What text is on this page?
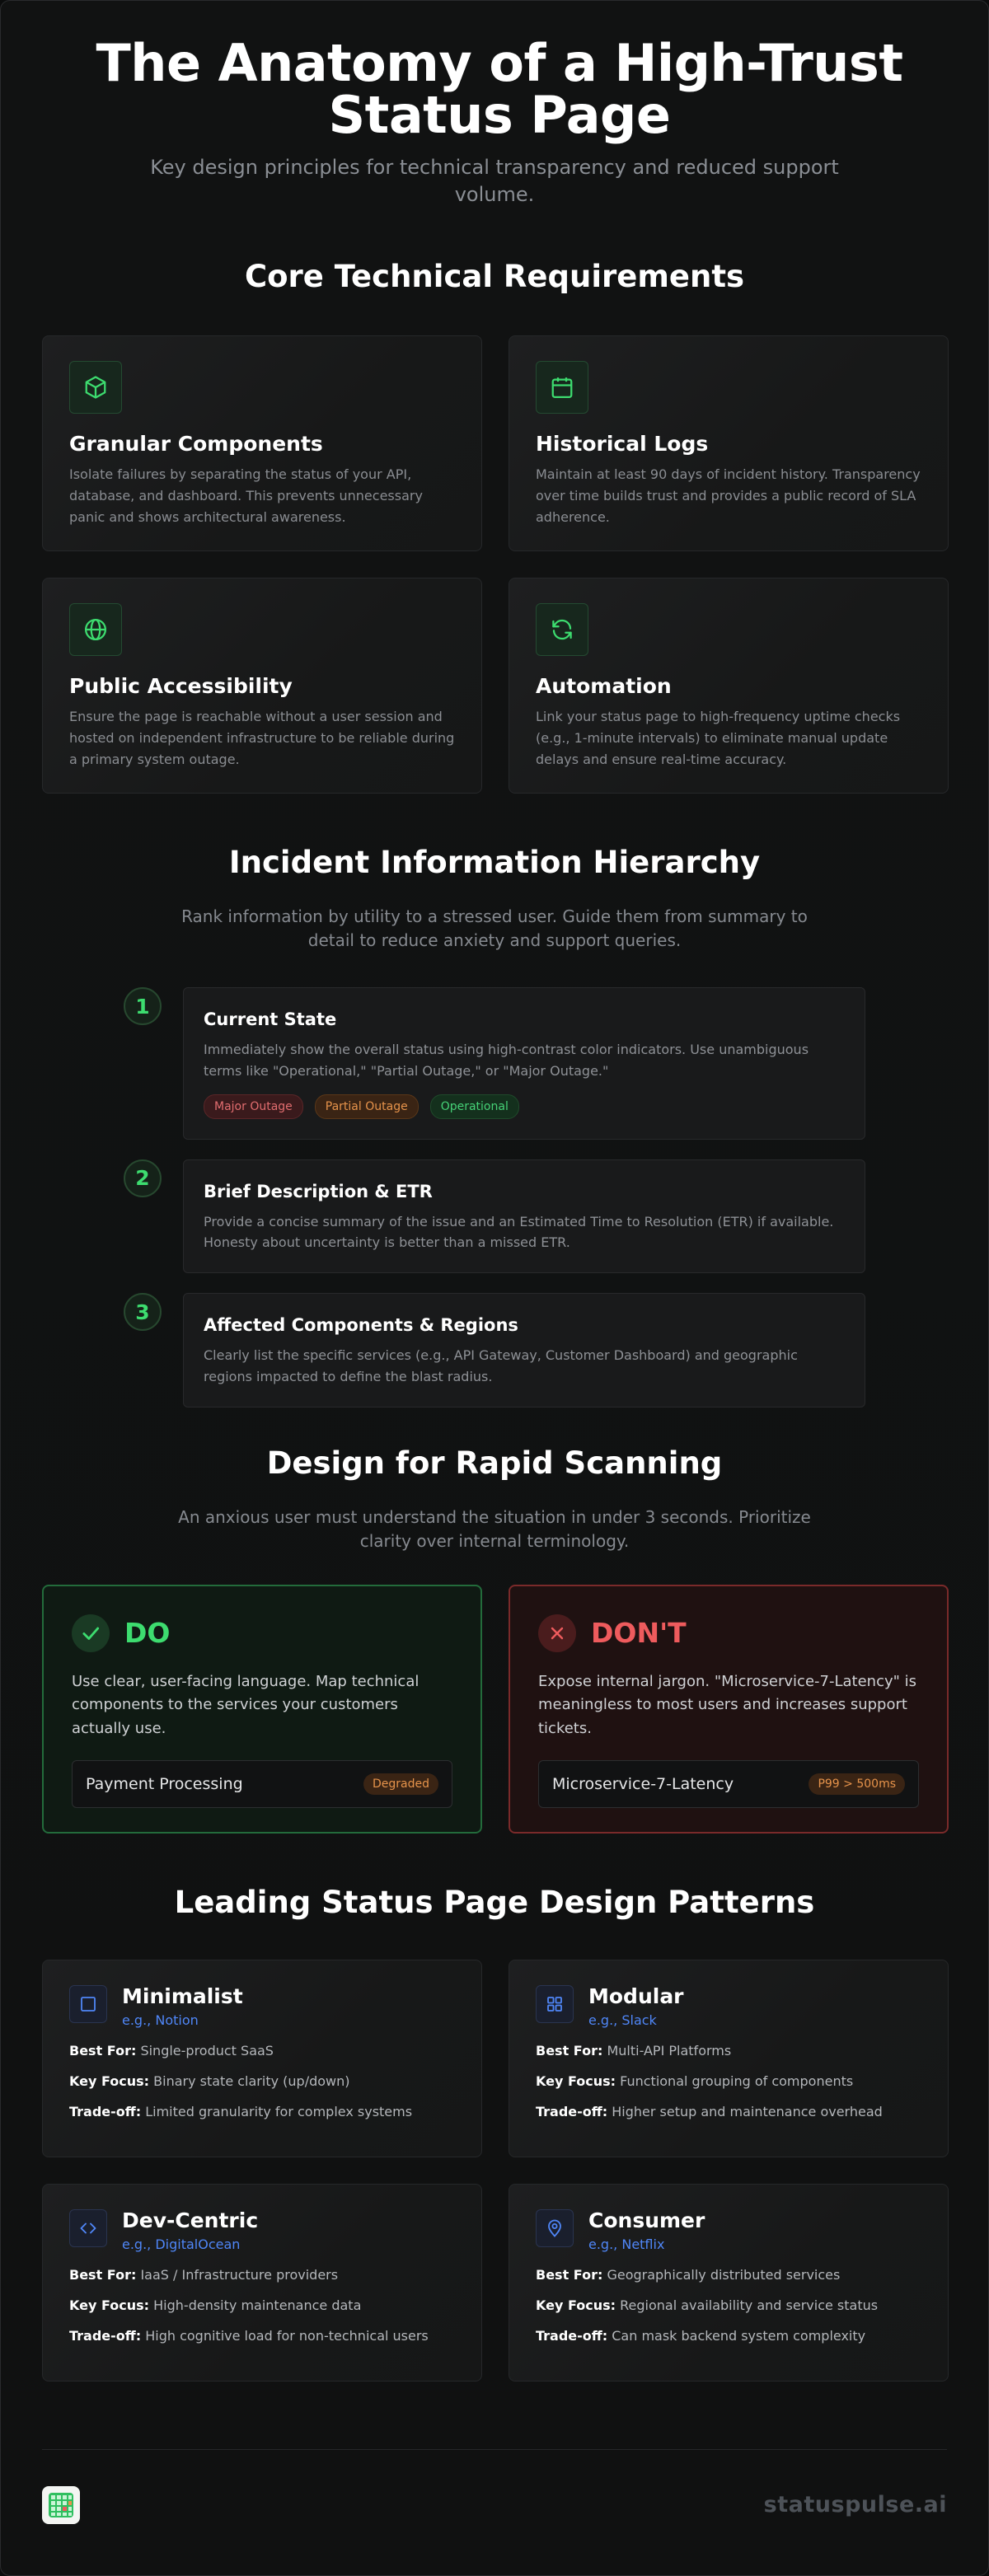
The Anatomy of a High-Trust Status Page

Key design principles for technical transparency and reduced support volume.

Core Technical Requirements
Granular Components

Isolate failures by separating the status of your API, database, and dashboard. This prevents unnecessary panic and shows architectural awareness.

Historical Logs

Maintain at least 90 days of incident history. Transparency over time builds trust and provides a public record of SLA adherence.

Public Accessibility

Ensure the page is reachable without a user session and hosted on independent infrastructure to be reliable during a primary system outage.

Automation

Link your status page to high-frequency uptime checks (e.g., 1-minute intervals) to eliminate manual update delays and ensure real-time accuracy.

Incident Information Hierarchy

Rank information by utility to a stressed user. Guide them from summary to detail to reduce anxiety and support queries.

1
Current State

Immediately show the overall status using high-contrast color indicators. Use unambiguous terms like "Operational," "Partial Outage," or "Major Outage."

Major Outage	Partial Outage	Operational
2
Brief Description & ETR

Provide a concise summary of the issue and an Estimated Time to Resolution (ETR) if available. Honesty about uncertainty is better than a missed ETR.

3
Affected Components & Regions

Clearly list the specific services (e.g., API Gateway, Customer Dashboard) and geographic regions impacted to define the blast radius.

Design for Rapid Scanning

An anxious user must understand the situation in under 3 seconds. Prioritize clarity over internal terminology.

DO

Use clear, user-facing language. Map technical components to the services your customers actually use.

Payment Processing	Degraded
DON'T

Expose internal jargon. "Microservice-7-Latency" is meaningless to most users and increases support tickets.

Microservice-7-Latency	P99 > 500ms
Leading Status Page Design Patterns
Minimalist
e.g., Notion
Best For: Single-product SaaS
Key Focus: Binary state clarity (up/down)
Trade-off: Limited granularity for complex systems
Modular
e.g., Slack
Best For: Multi-API Platforms
Key Focus: Functional grouping of components
Trade-off: Higher setup and maintenance overhead
Dev-Centric
e.g., DigitalOcean
Best For: IaaS / Infrastructure providers
Key Focus: High-density maintenance data
Trade-off: High cognitive load for non-technical users
Consumer
e.g., Netflix
Best For: Geographically distributed services
Key Focus: Regional availability and service status
Trade-off: Can mask backend system complexity
statuspulse.ai
